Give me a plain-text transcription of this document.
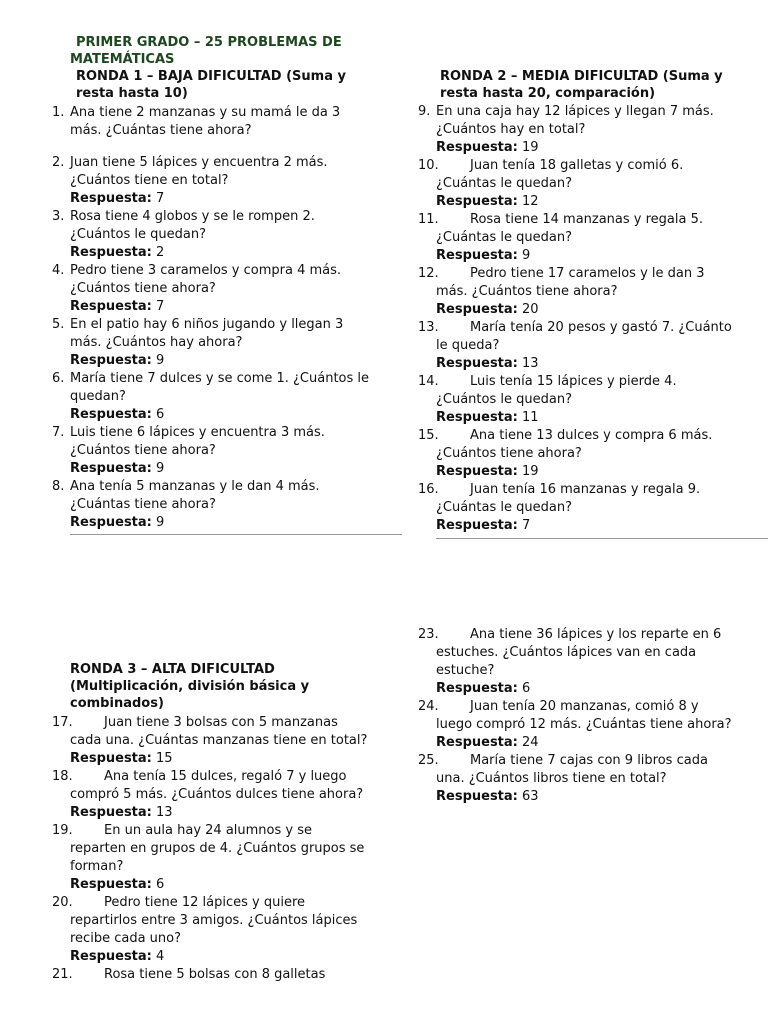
PRIMER GRADO – 25 PROBLEMAS DE
MATEMÁTICAS
RONDA 1 – BAJA DIFICULTAD (Suma y resta hasta 10)
1. Ana tiene 2 manzanas y su mamá le da 3 más. ¿Cuántas tiene ahora?
2. Juan tiene 5 lápices y encuentra 2 más. ¿Cuántos tiene en total?
Respuesta: 7
3. Rosa tiene 4 globos y se le rompen 2. ¿Cuántos le quedan?
Respuesta: 2
4. Pedro tiene 3 caramelos y compra 4 más. ¿Cuántos tiene ahora?
Respuesta: 7
5. En el patio hay 6 niños jugando y llegan 3 más. ¿Cuántos hay ahora?
Respuesta: 9
6. María tiene 7 dulces y se come 1. ¿Cuántos le quedan?
Respuesta: 6
7. Luis tiene 6 lápices y encuentra 3 más. ¿Cuántos tiene ahora?
Respuesta: 9
8. Ana tenía 5 manzanas y le dan 4 más. ¿Cuántas tiene ahora?
Respuesta: 9
RONDA 2 – MEDIA DIFICULTAD (Suma y resta hasta 20, comparación)
9. En una caja hay 12 lápices y llegan 7 más. ¿Cuántos hay en total?
Respuesta: 19
10.	Juan tenía 18 galletas y comió 6. ¿Cuántas le quedan?
Respuesta: 12
11.	Rosa tiene 14 manzanas y regala 5. ¿Cuántas le quedan?
Respuesta: 9
12.	Pedro tiene 17 caramelos y le dan 3 más. ¿Cuántos tiene ahora?
Respuesta: 20
13.	María tenía 20 pesos y gastó 7. ¿Cuánto le queda?
Respuesta: 13
14.	Luis tenía 15 lápices y pierde 4. ¿Cuántos le quedan?
Respuesta: 11
15.	Ana tiene 13 dulces y compra 6 más. ¿Cuántos tiene ahora?
Respuesta: 19
16.	Juan tenía 16 manzanas y regala 9. ¿Cuántas le quedan?
Respuesta: 7
RONDA 3 – ALTA DIFICULTAD (Multiplicación, división básica y combinados)
17.	Juan tiene 3 bolsas con 5 manzanas cada una. ¿Cuántas manzanas tiene en total?
Respuesta: 15
18.	Ana tenía 15 dulces, regaló 7 y luego compró 5 más. ¿Cuántos dulces tiene ahora?
Respuesta: 13
19.	En un aula hay 24 alumnos y se reparten en grupos de 4. ¿Cuántos grupos se forman?
Respuesta: 6
20.	Pedro tiene 12 lápices y quiere repartirlos entre 3 amigos. ¿Cuántos lápices recibe cada uno?
Respuesta: 4
21.	Rosa tiene 5 bolsas con 8 galletas
23.	Ana tiene 36 lápices y los reparte en 6 estuches. ¿Cuántos lápices van en cada estuche?
Respuesta: 6
24.	Juan tenía 20 manzanas, comió 8 y luego compró 12 más. ¿Cuántas tiene ahora?
Respuesta: 24
25.	María tiene 7 cajas con 9 libros cada una. ¿Cuántos libros tiene en total?
Respuesta: 63
